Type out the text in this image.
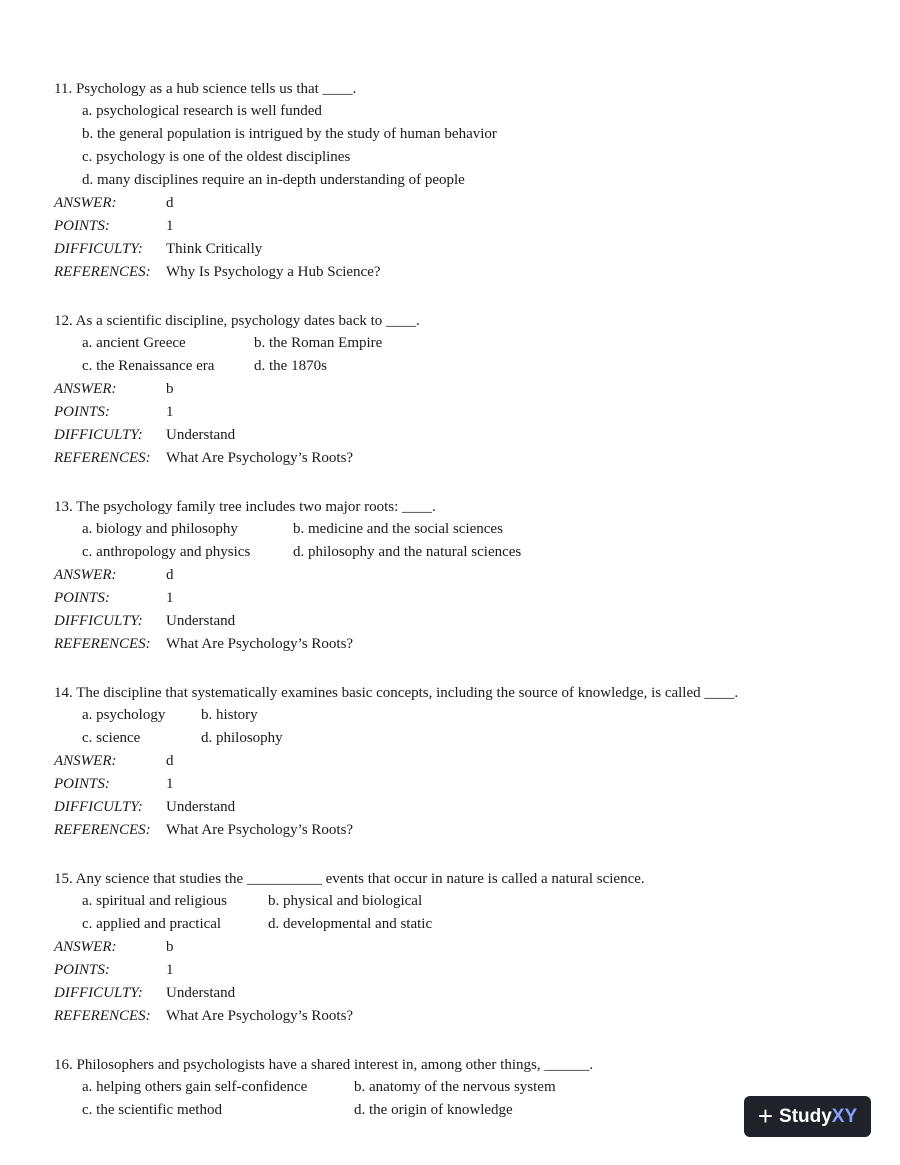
11. Psychology as a hub science tells us that ____.
a. psychological research is well funded
b. the general population is intrigued by the study of human behavior
c. psychology is one of the oldest disciplines
d. many disciplines require an in-depth understanding of people
ANSWER:	d
POINTS:	1
DIFFICULTY:	Think Critically
REFERENCES:	Why Is Psychology a Hub Science?
12. As a scientific discipline, psychology dates back to ____.
a. ancient Greece	b. the Roman Empire
c. the Renaissance era	d. the 1870s
ANSWER:	b
POINTS:	1
DIFFICULTY:	Understand
REFERENCES:	What Are Psychology’s Roots?
13. The psychology family tree includes two major roots: ____.
a. biology and philosophy	b. medicine and the social sciences
c. anthropology and physics	d. philosophy and the natural sciences
ANSWER:	d
POINTS:	1
DIFFICULTY:	Understand
REFERENCES:	What Are Psychology’s Roots?
14. The discipline that systematically examines basic concepts, including the source of knowledge, is called ____.
a. psychology	b. history
c. science	d. philosophy
ANSWER:	d
POINTS:	1
DIFFICULTY:	Understand
REFERENCES:	What Are Psychology’s Roots?
15. Any science that studies the __________ events that occur in nature is called a natural science.
a. spiritual and religious	b. physical and biological
c. applied and practical	d. developmental and static
ANSWER:	b
POINTS:	1
DIFFICULTY:	Understand
REFERENCES:	What Are Psychology’s Roots?
16. Philosophers and psychologists have a shared interest in, among other things, ______.
a. helping others gain self-confidence	b. anatomy of the nervous system
c. the scientific method	d. the origin of knowledge	+ StudyXY
